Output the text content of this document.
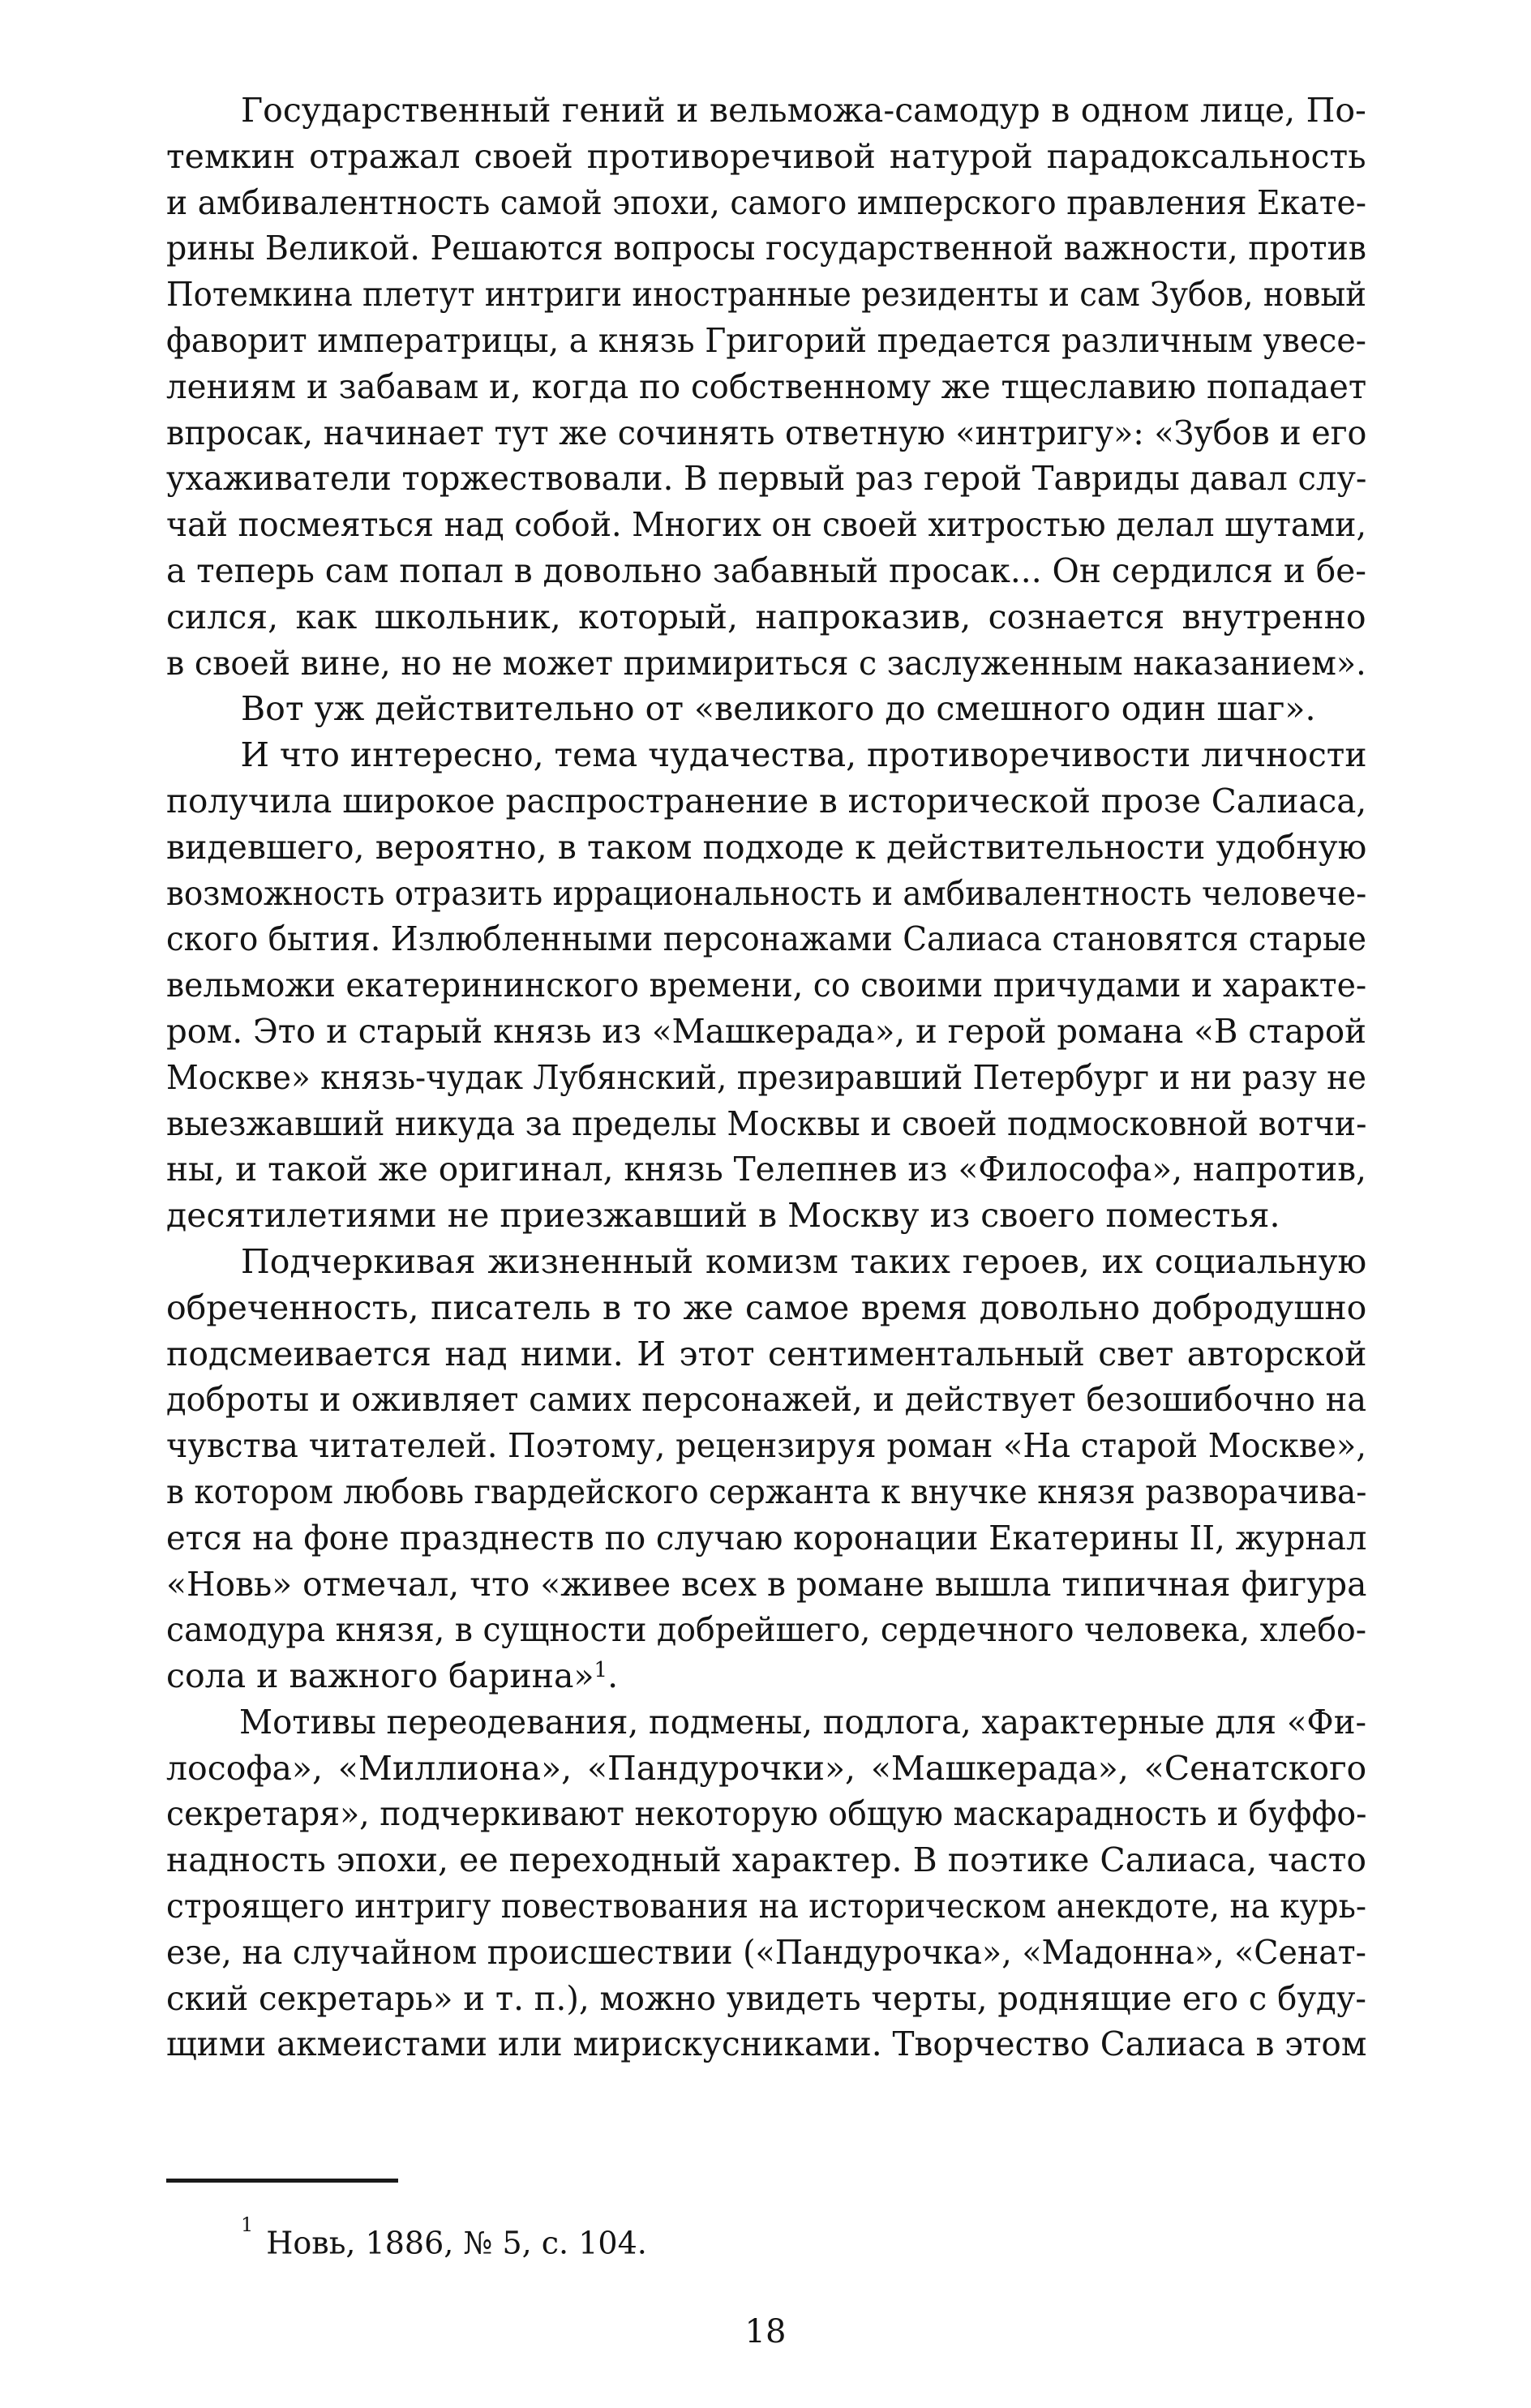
Государственный гений и вельможа-самодур в одном лице, По-
темкин отражал своей противоречивой натурой парадоксальность
и амбивалентность самой эпохи, самого имперского правления Екате-
рины Великой. Решаются вопросы государственной важности, против
Потемкина плетут интриги иностранные резиденты и сам Зубов, новый
фаворит императрицы, а князь Григорий предается различным увесе-
лениям и забавам и, когда по собственному же тщеславию попадает
впросак, начинает тут же сочинять ответную «интригу»: «Зубов и его
ухаживатели торжествовали. В первый раз герой Тавриды давал слу-
чай посмеяться над собой. Многих он своей хитростью делал шутами,
а теперь сам попал в довольно забавный просак... Он сердился и бе-
сился, как школьник, который, напроказив, сознается внутренно
в своей вине, но не может примириться с заслуженным наказанием».
Вот уж действительно от «великого до смешного один шаг».
И что интересно, тема чудачества, противоречивости личности
получила широкое распространение в исторической прозе Салиаса,
видевшего, вероятно, в таком подходе к действительности удобную
возможность отразить иррациональность и амбивалентность человече-
ского бытия. Излюбленными персонажами Салиаса становятся старые
вельможи екатерининского времени, со своими причудами и характе-
ром. Это и старый князь из «Машкерада», и герой романа «В старой
Москве» князь-чудак Лубянский, презиравший Петербург и ни разу не
выезжавший никуда за пределы Москвы и своей подмосковной вотчи-
ны, и такой же оригинал, князь Телепнев из «Философа», напротив,
десятилетиями не приезжавший в Москву из своего поместья.
Подчеркивая жизненный комизм таких героев, их социальную
обреченность, писатель в то же самое время довольно добродушно
подсмеивается над ними. И этот сентиментальный свет авторской
доброты и оживляет самих персонажей, и действует безошибочно на
чувства читателей. Поэтому, рецензируя роман «На старой Москве»,
в котором любовь гвардейского сержанта к внучке князя разворачива-
ется на фоне празднеств по случаю коронации Екатерины II, журнал
«Новь» отмечал, что «живее всех в романе вышла типичная фигура
самодура князя, в сущности добрейшего, сердечного человека, хлебо-
сола и важного барина»$^1$.
Мотивы переодевания, подмены, подлога, характерные для «Фи-
лософа», «Миллиона», «Пандурочки», «Машкерада», «Сенатского
секретаря», подчеркивают некоторую общую маскарадность и буффо-
надность эпохи, ее переходный характер. В поэтике Салиаса, часто
строящего интригу повествования на историческом анекдоте, на курь-
езе, на случайном происшествии («Пандурочка», «Мадонна», «Сенат-
ский секретарь» и т. п.), можно увидеть черты, роднящие его с буду-
щими акмеистами или мирискусниками. Творчество Салиаса в этом
$^1$Новь, 1886, № 5, с. 104.
18
